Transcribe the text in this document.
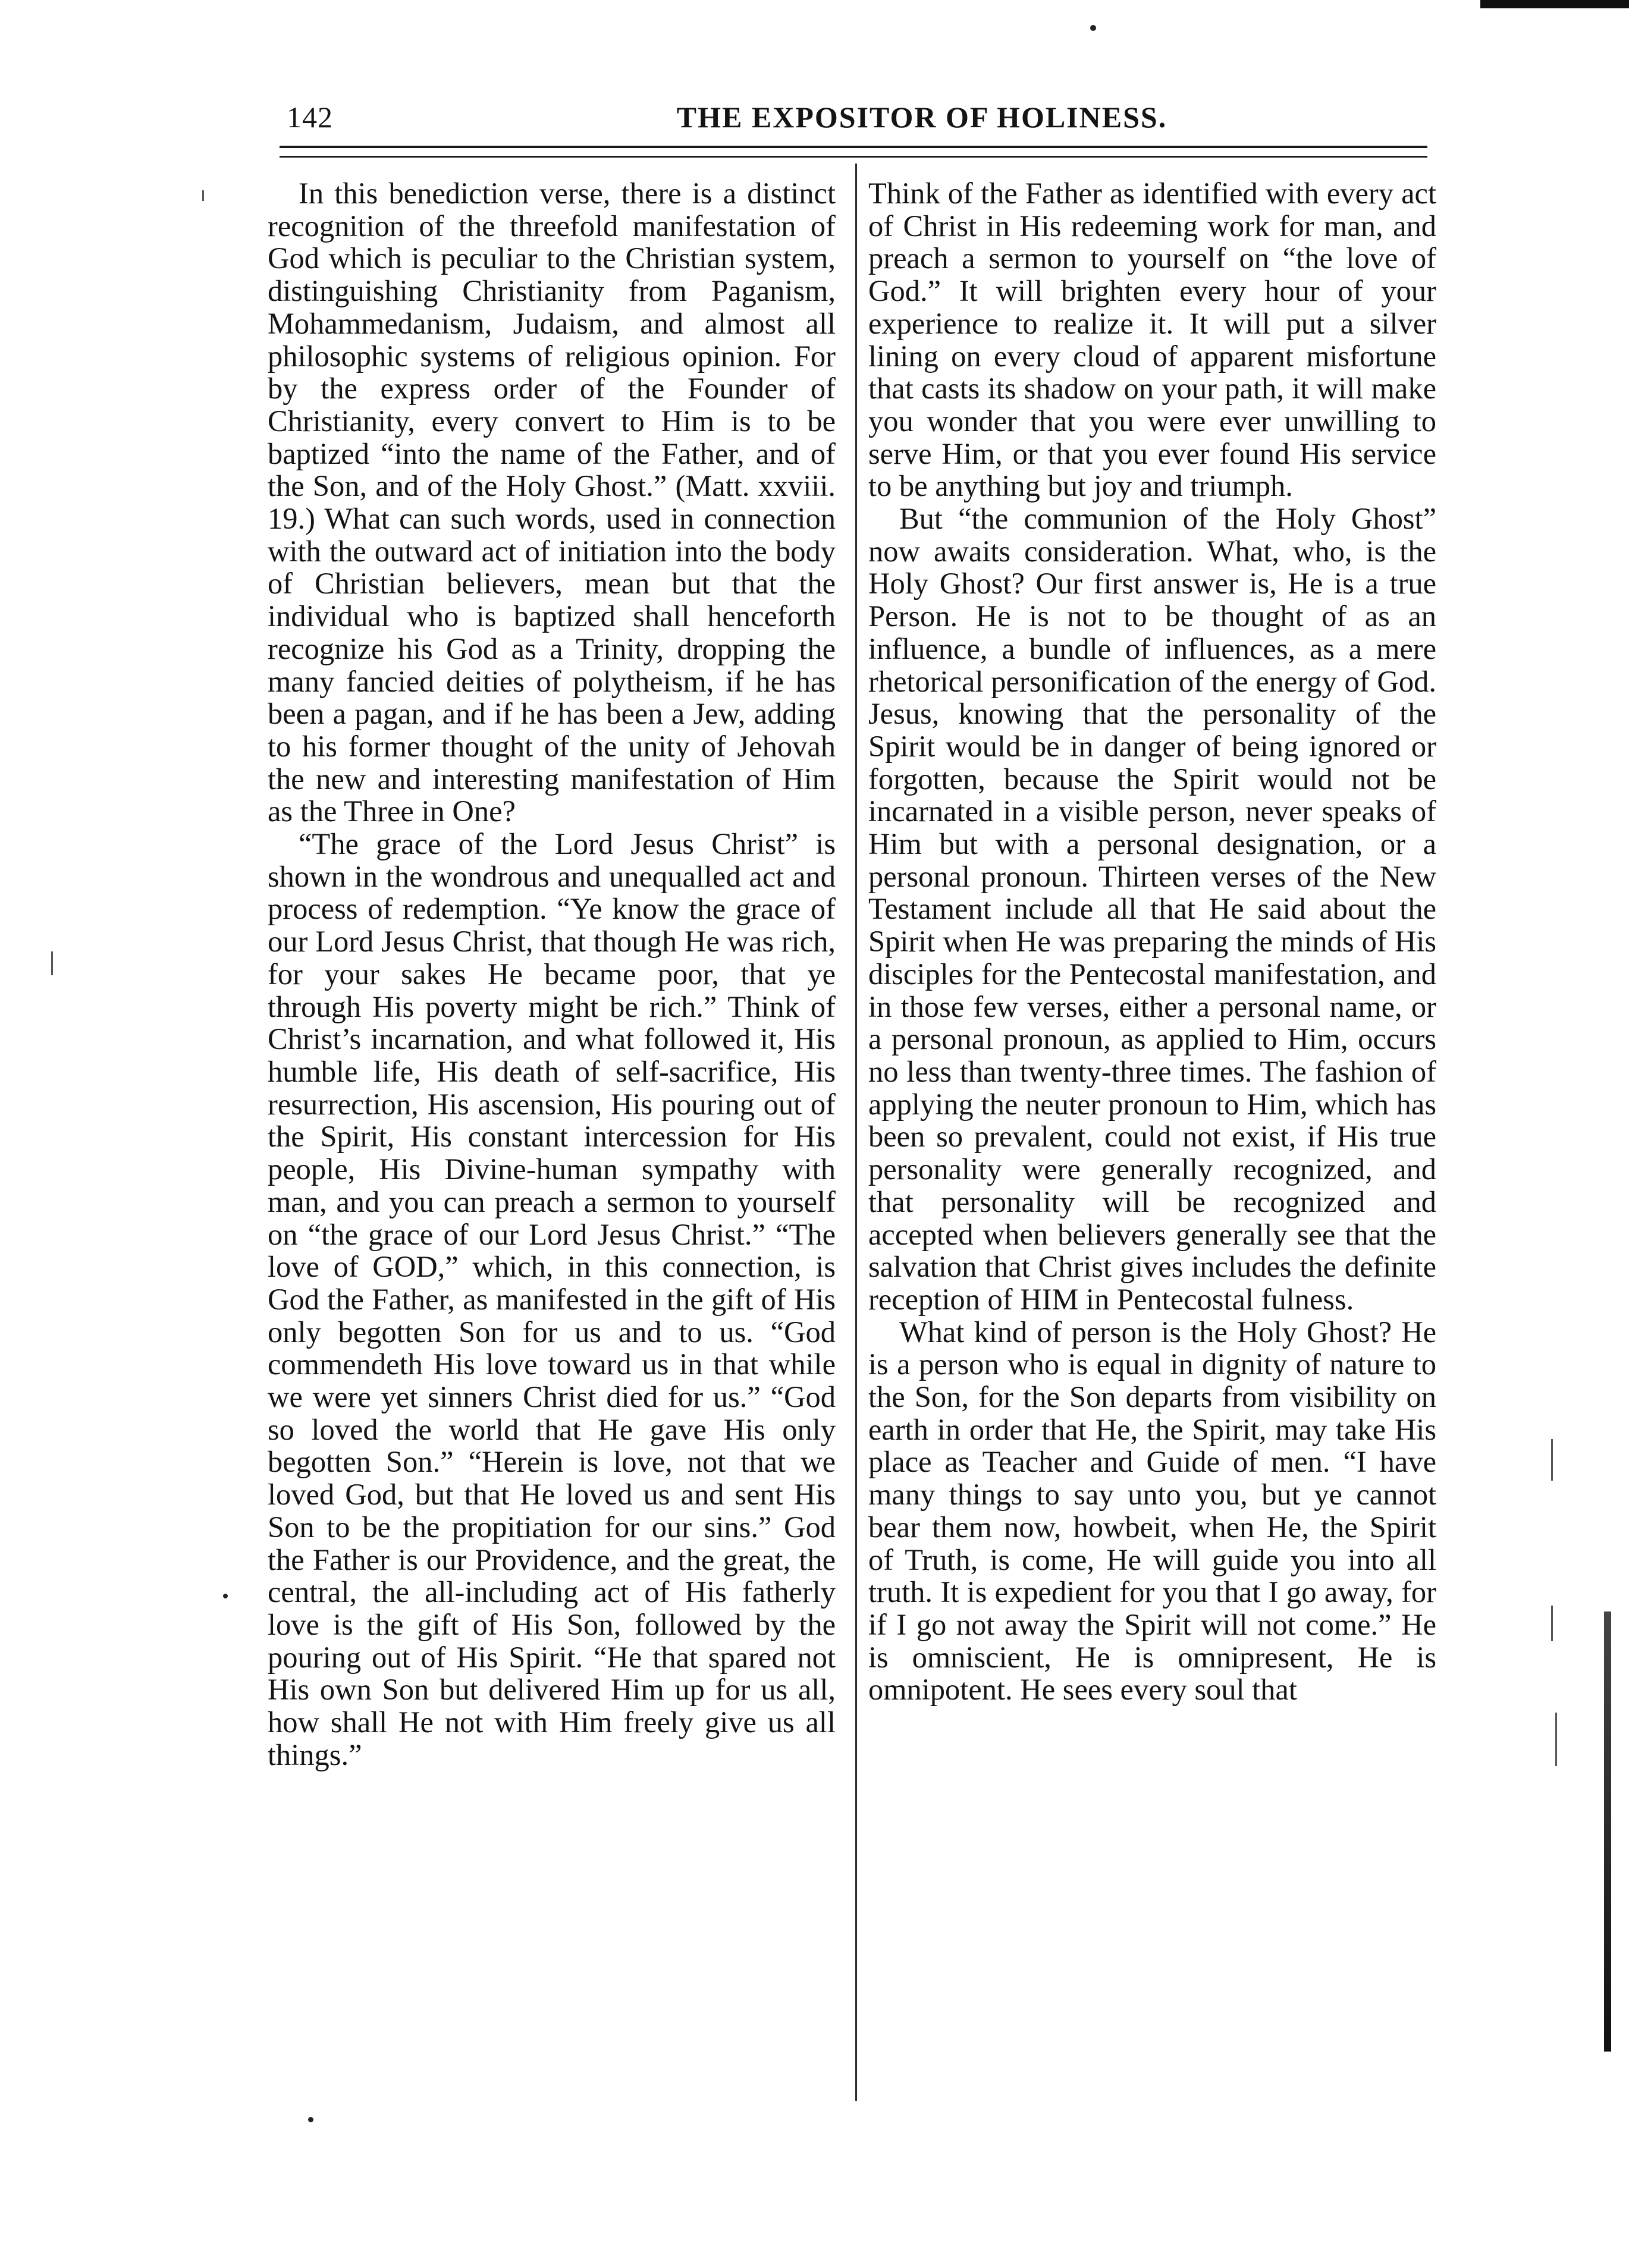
142	THE EXPOSITOR OF HOLINESS.

In this benediction verse, there is a distinct recognition of the threefold manifestation of God which is peculiar to the Christian system, distinguishing Christianity from Paganism, Mohammedanism, Judaism, and almost all philosophic systems of religious opinion. For by the express order of the Founder of Christianity, every convert to Him is to be baptized “into the name of the Father, and of the Son, and of the Holy Ghost.” (Matt. xxviii. 19.) What can such words, used in connection with the outward act of initiation into the body of Christian believers, mean but that the individual who is baptized shall henceforth recognize his God as a Trinity, dropping the many fancied deities of polytheism, if he has been a pagan, and if he has been a Jew, adding to his former thought of the unity of Jehovah the new and interesting manifestation of Him as the Three in One?

“The grace of the Lord Jesus Christ” is shown in the wondrous and unequalled act and process of redemption. “Ye know the grace of our Lord Jesus Christ, that though He was rich, for your sakes He became poor, that ye through His poverty might be rich.” Think of Christ’s incarnation, and what followed it, His humble life, His death of self-sacrifice, His resurrection, His ascension, His pouring out of the Spirit, His constant intercession for His people, His Divine-human sympathy with man, and you can preach a sermon to yourself on “the grace of our Lord Jesus Christ.” “The love of GOD,” which, in this connection, is God the Father, as manifested in the gift of His only begotten Son for us and to us. “God commendeth His love toward us in that while we were yet sinners Christ died for us.” “God so loved the world that He gave His only begotten Son.” “Herein is love, not that we loved God, but that He loved us and sent His Son to be the propitiation for our sins.” God the Father is our Providence, and the great, the central, the all-including act of His fatherly love is the gift of His Son, followed by the pouring out of His Spirit. “He that spared not His own Son but delivered Him up for us all, how shall He not with Him freely give us all things.”

Think of the Father as identified with every act of Christ in His redeeming work for man, and preach a sermon to yourself on “the love of God.” It will brighten every hour of your experience to realize it. It will put a silver lining on every cloud of apparent misfortune that casts its shadow on your path, it will make you wonder that you were ever unwilling to serve Him, or that you ever found His service to be anything but joy and triumph.

But “the communion of the Holy Ghost” now awaits consideration. What, who, is the Holy Ghost? Our first answer is, He is a true Person. He is not to be thought of as an influence, a bundle of influences, as a mere rhetorical personification of the energy of God. Jesus, knowing that the personality of the Spirit would be in danger of being ignored or forgotten, because the Spirit would not be incarnated in a visible person, never speaks of Him but with a personal designation, or a personal pronoun. Thirteen verses of the New Testament include all that He said about the Spirit when He was preparing the minds of His disciples for the Pentecostal manifestation, and in those few verses, either a personal name, or a personal pronoun, as applied to Him, occurs no less than twenty-three times. The fashion of applying the neuter pronoun to Him, which has been so prevalent, could not exist, if His true personality were generally recognized, and that personality will be recognized and accepted when believers generally see that the salvation that Christ gives includes the definite reception of HIM in Pentecostal fulness.

What kind of person is the Holy Ghost? He is a person who is equal in dignity of nature to the Son, for the Son departs from visibility on earth in order that He, the Spirit, may take His place as Teacher and Guide of men. “I have many things to say unto you, but ye cannot bear them now, howbeit, when He, the Spirit of Truth, is come, He will guide you into all truth. It is expedient for you that I go away, for if I go not away the Spirit will not come.” He is omniscient, He is omnipresent, He is omnipotent. He sees every soul that
